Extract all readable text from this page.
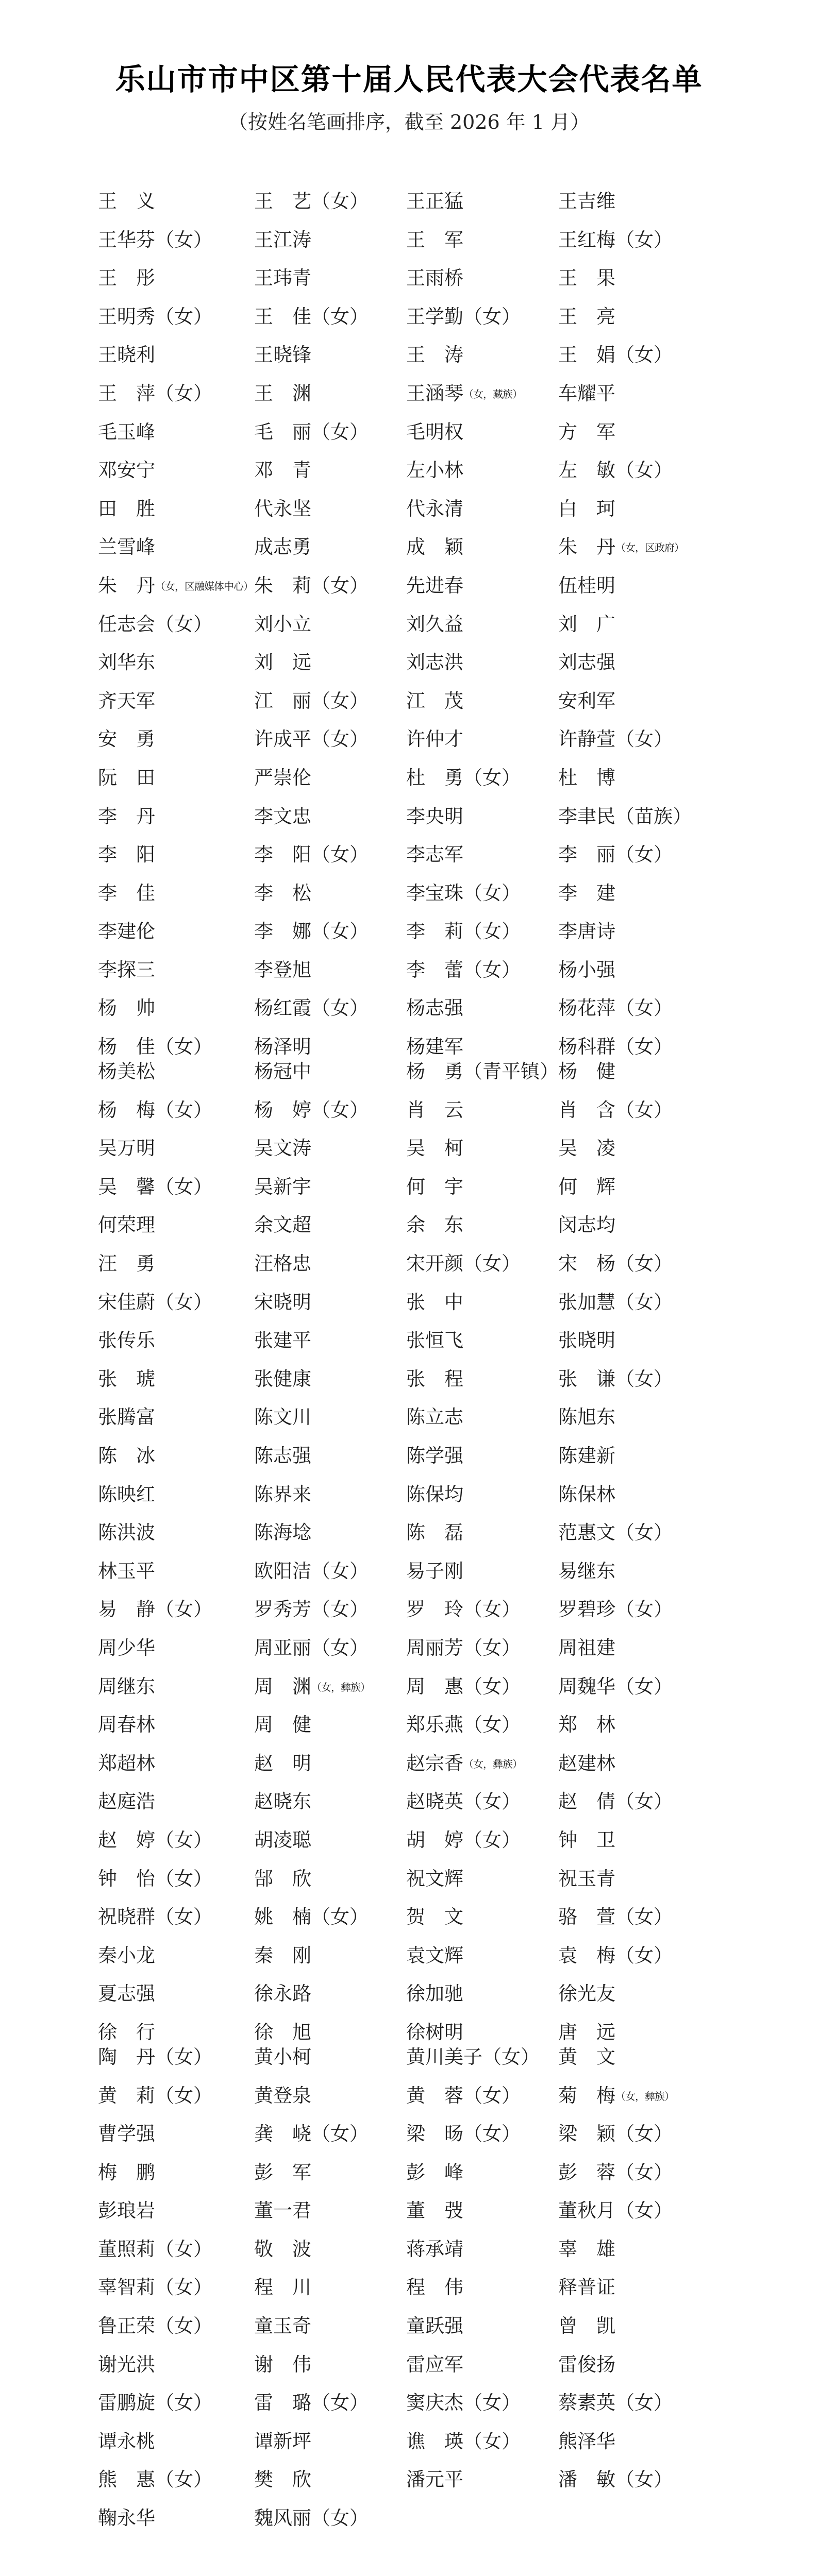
乐山市市中区第十届人民代表大会代表名单
（按姓名笔画排序，截至 2026 年 1 月）
王　义	王　艺（女） 王正猛	王吉维
王华芬（女） 王江涛	王　军	王红梅（女）
王　彤	王玮青	王雨桥	王　果
王明秀（女） 王　佳（女） 王学勤（女） 王　亮
王晓利	王晓锋	王　涛	王　娟（女）
王　萍（女） 王　渊	王涵琴（女，藏族） 车耀平
毛玉峰	毛　丽（女） 毛明权	方　军
邓安宁	邓　青	左小林	左　敏（女）
田　胜	代永坚	代永清	白　珂
兰雪峰	成志勇	成　颖	朱　丹（女，区政府）
朱　丹（女，区融媒体中心） 朱　莉（女） 先进春	伍桂明
任志会（女） 刘小立	刘久益	刘　广
刘华东	刘　远	刘志洪	刘志强
齐天军	江　丽（女） 江　茂	安利军
安　勇	许成平（女） 许仲才	许静萱（女）
阮　田	严崇伦	杜　勇（女） 杜　博
李　丹	李文忠	李央明	李聿民（苗族）
李　阳	李　阳（女） 李志军	李　丽（女）
李　佳	李　松	李宝珠（女） 李　建
李建伦	李　娜（女） 李　莉（女） 李唐诗
李探三	李登旭	李　蕾（女） 杨小强
杨　帅	杨红霞（女） 杨志强	杨花萍（女）
杨　佳（女） 杨泽明	杨建军	杨科群（女）
杨美松	杨冠中	杨　勇（青平镇） 杨　健
杨　梅（女） 杨　婷（女） 肖　云	肖　含（女）
吴万明	吴文涛	吴　柯	吴　凌
吴　馨（女） 吴新宇	何　宇	何　辉
何荣理	余文超	余　东	闵志均
汪　勇	汪格忠	宋开颜（女） 宋　杨（女）
宋佳蔚（女） 宋晓明	张　中	张加慧（女）
张传乐	张建平	张恒飞	张晓明
张　琥	张健康	张　程	张　谦（女）
张腾富	陈文川	陈立志	陈旭东
陈　冰	陈志强	陈学强	陈建新
陈映红	陈界来	陈保均	陈保林
陈洪波	陈海埝	陈　磊	范惠文（女）
林玉平	欧阳洁（女） 易子刚	易继东
易　静（女） 罗秀芳（女） 罗　玲（女） 罗碧珍（女）
周少华	周亚丽（女） 周丽芳（女） 周祖建
周继东	周　渊（女，彝族） 周　惠（女） 周魏华（女）
周春林	周　健	郑乐燕（女） 郑　林
郑超林	赵　明	赵宗香（女，彝族） 赵建林
赵庭浩	赵晓东	赵晓英（女） 赵　倩（女）
赵　婷（女） 胡凌聪	胡　婷（女） 钟　卫
钟　怡（女） 郜　欣	祝文辉	祝玉青
祝晓群（女） 姚　楠（女） 贺　文	骆　萱（女）
秦小龙	秦　刚	袁文辉	袁　梅（女）
夏志强	徐永路	徐加驰	徐光友
徐　行	徐　旭	徐树明	唐　远
陶　丹（女） 黄小柯	黄川美子（女） 黄　文
黄　莉（女） 黄登泉	黄　蓉（女） 菊　梅（女，彝族）
曹学强	龚　峣（女） 梁　旸（女） 梁　颖（女）
梅　鹏	彭　军	彭　峰	彭　蓉（女）
彭琅岩	董一君	董　弢	董秋月（女）
董照莉（女） 敬　波	蒋承靖	辜　雄
辜智莉（女） 程　川	程　伟	释普证
鲁正荣（女） 童玉奇	童跃强	曾　凯
谢光洪	谢　伟	雷应军	雷俊扬
雷鹏旋（女） 雷　璐（女） 窦庆杰（女） 蔡素英（女）
谭永桃	谭新坪	谯　瑛（女） 熊泽华
熊　惠（女） 樊　欣	潘元平	潘　敏（女）
鞠永华	魏风丽（女）
